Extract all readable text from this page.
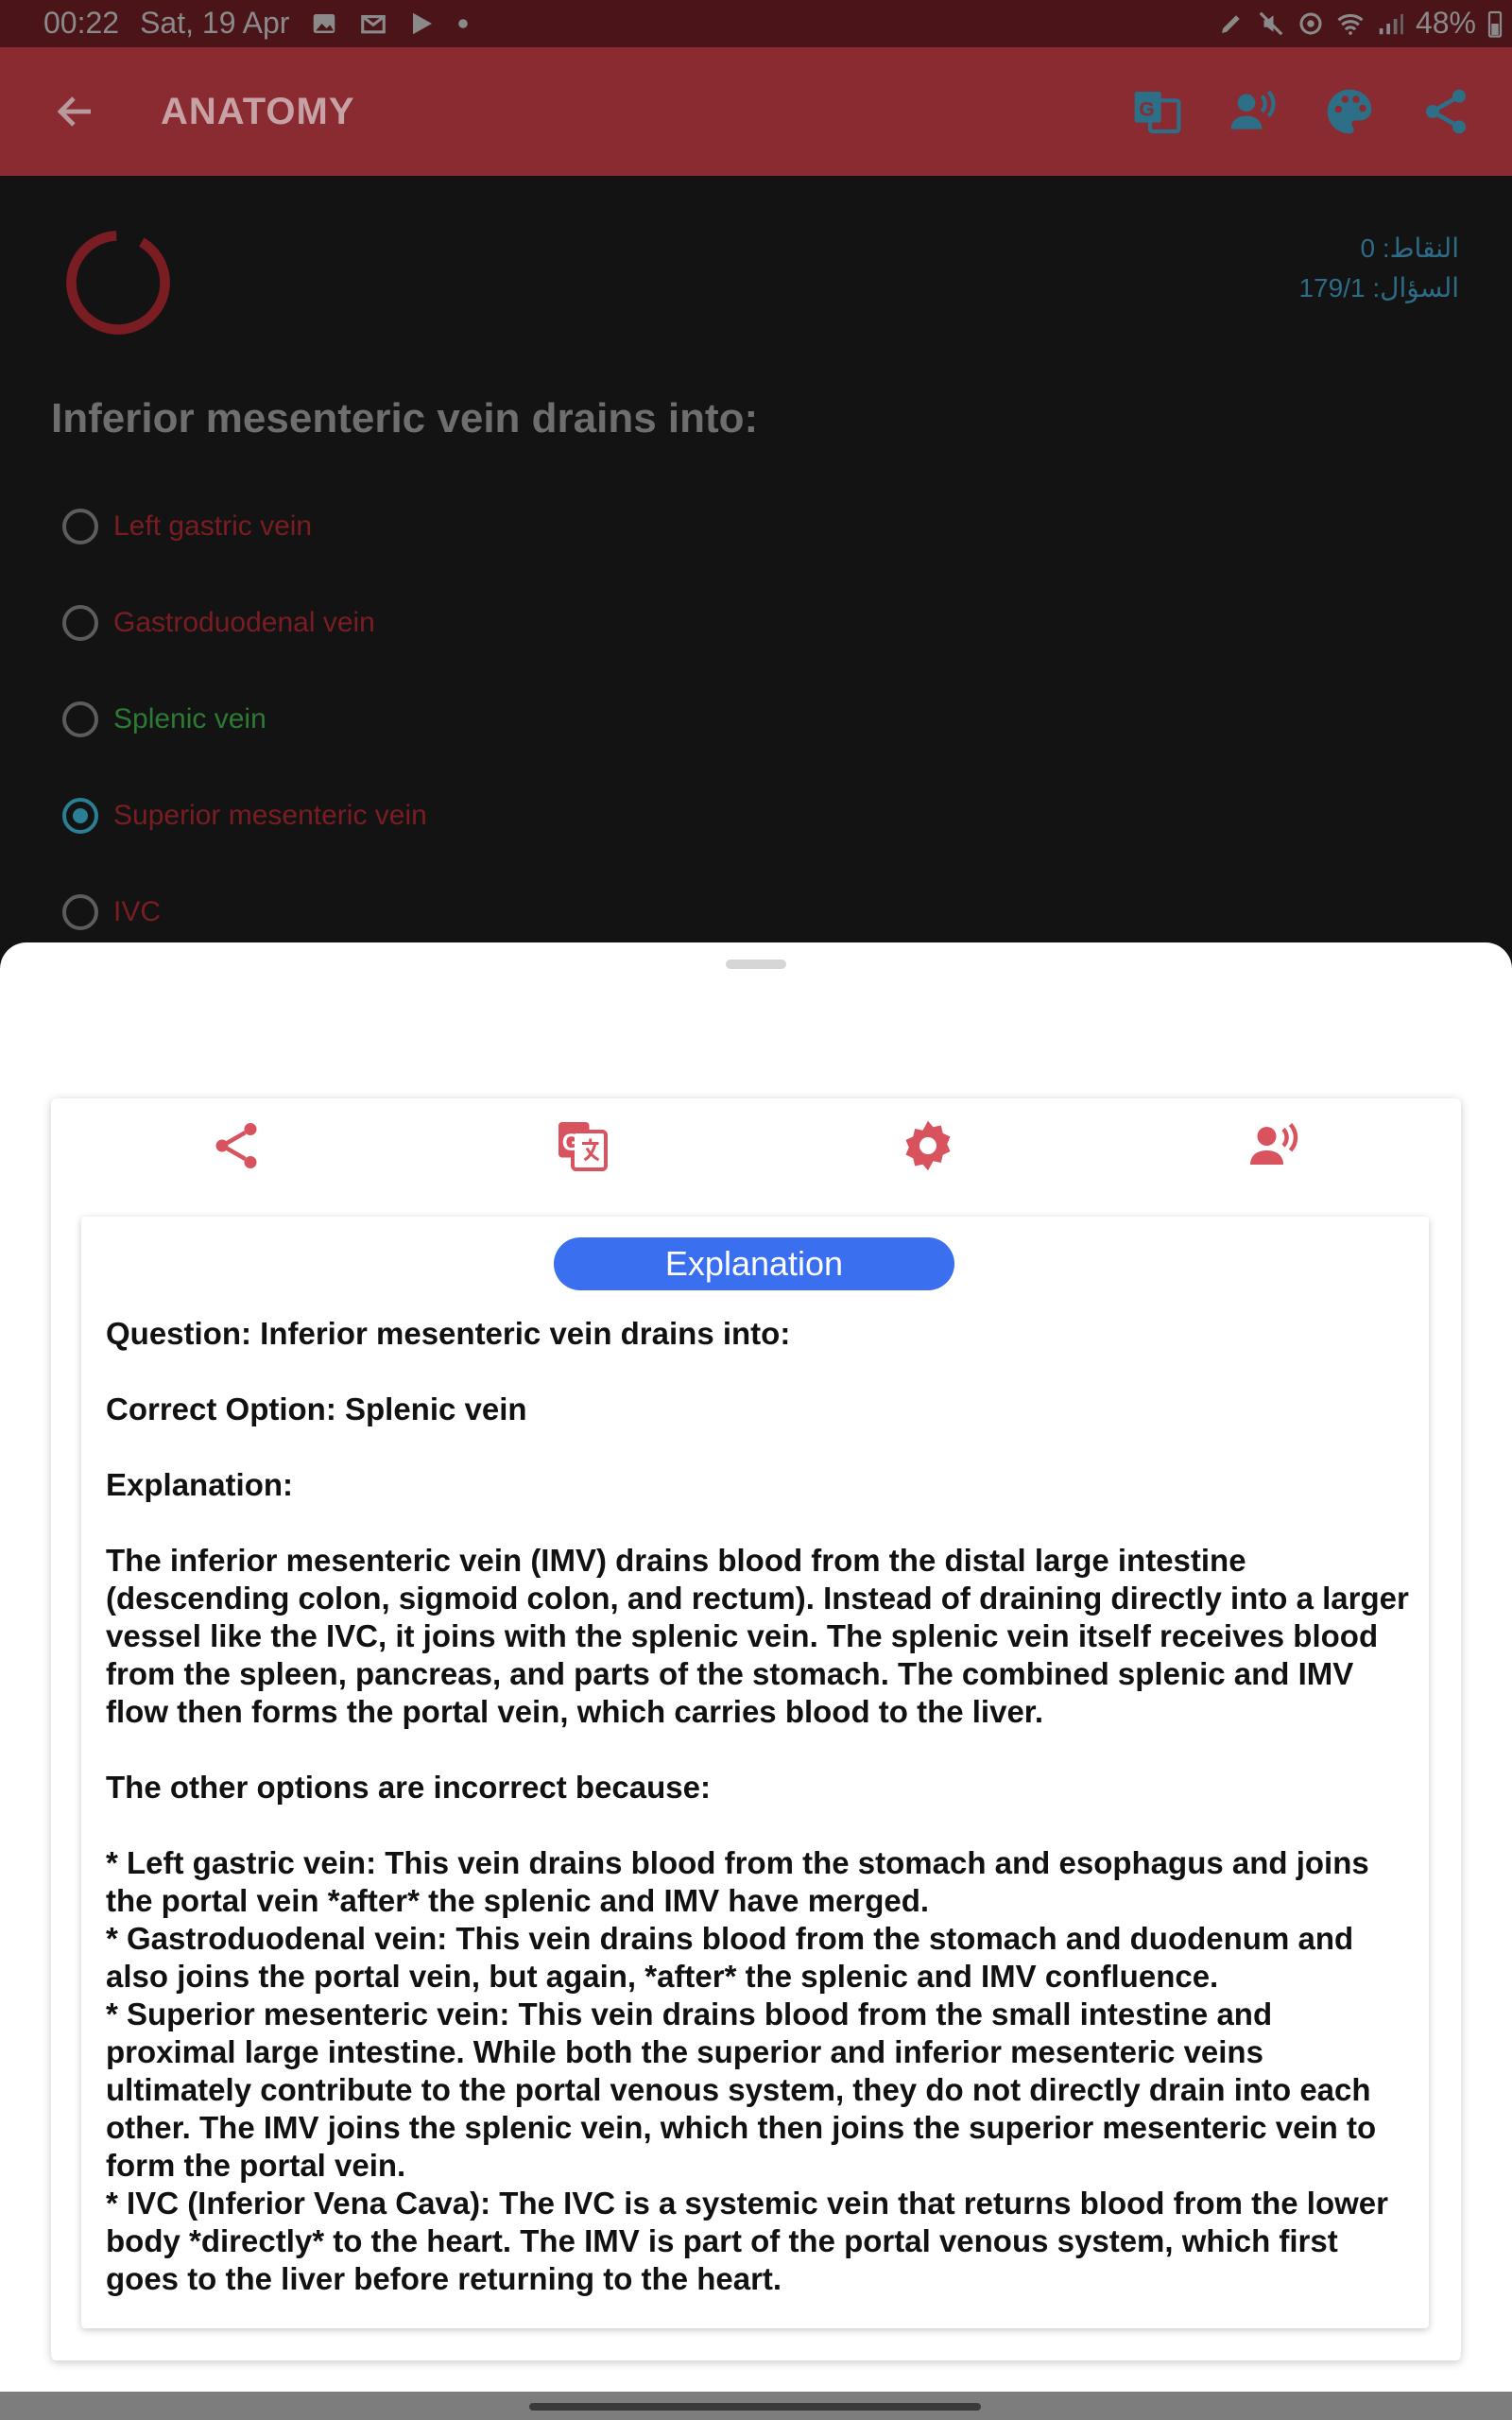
00:22 Sat, 19 Apr	48%
ANATOMY	G
النقاط: 0
السؤال: 179/1
Inferior mesenteric vein drains into:
Left gastric vein
Gastroduodenal vein
Splenic vein
Superior mesenteric vein
IVC
G
Explanation

Question: Inferior mesenteric vein drains into:

Correct Option: Splenic vein

Explanation:

The inferior mesenteric vein (IMV) drains blood from the distal large intestine (descending colon, sigmoid colon, and rectum). Instead of draining directly into a larger vessel like the IVC, it joins with the splenic vein. The splenic vein itself receives blood from the spleen, pancreas, and parts of the stomach. The combined splenic and IMV flow then forms the portal vein, which carries blood to the liver.

The other options are incorrect because:

* Left gastric vein: This vein drains blood from the stomach and esophagus and joins the portal vein *after* the splenic and IMV have merged.

* Gastroduodenal vein: This vein drains blood from the stomach and duodenum and also joins the portal vein, but again, *after* the splenic and IMV confluence.

* Superior mesenteric vein: This vein drains blood from the small intestine and proximal large intestine. While both the superior and inferior mesenteric veins ultimately contribute to the portal venous system, they do not directly drain into each other. The IMV joins the splenic vein, which then joins the superior mesenteric vein to form the portal vein.

* IVC (Inferior Vena Cava): The IVC is a systemic vein that returns blood from the lower body *directly* to the heart. The IMV is part of the portal venous system, which first goes to the liver before returning to the heart.
